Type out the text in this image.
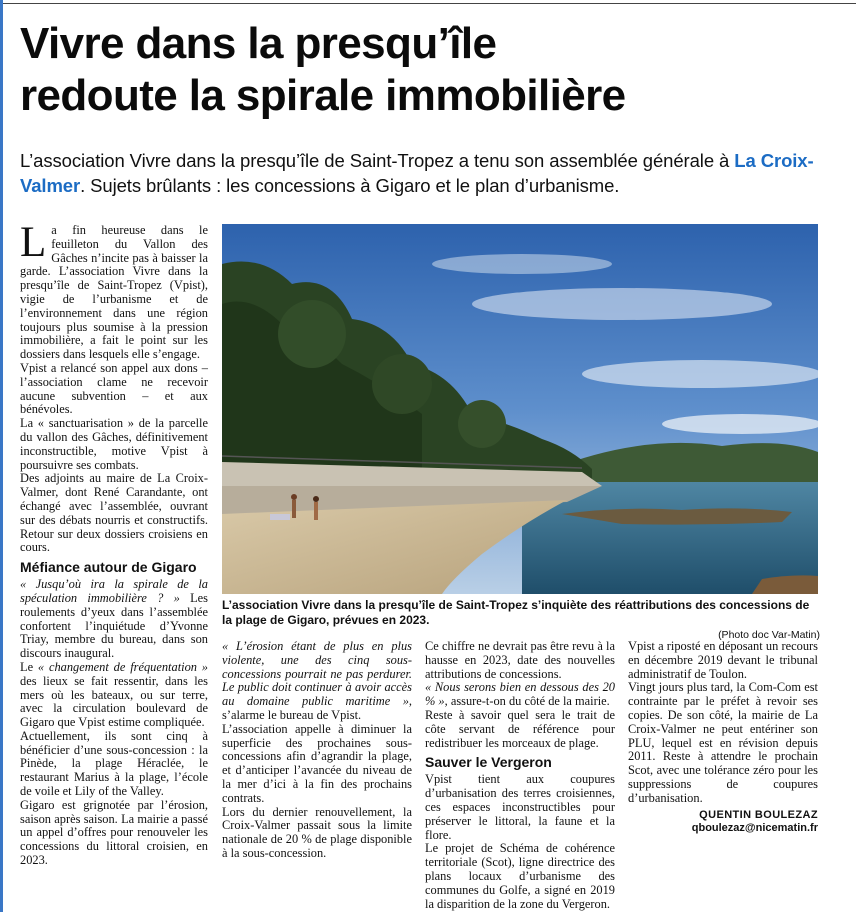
Vivre dans la presqu’île
redoute la spirale immobilière
L’association Vivre dans la presqu’île de Saint-Tropez a tenu son assemblée générale à La Croix-Valmer. Sujets brûlants : les concessions à Gigaro et le plan d’urbanisme.

La fin heureuse dans le feuilleton du Vallon des Gâches n’incite pas à baisser la garde. L’association Vivre dans la presqu’île de Saint-Tropez (Vpist), vigie de l’urbanisme et de l’environnement dans une région toujours plus soumise à la pression immobilière, a fait le point sur les dossiers dans lesquels elle s’engage.

Vpist a relancé son appel aux dons – l’association clame ne recevoir aucune subvention – et aux bénévoles.

La « sanctuarisation » de la parcelle du vallon des Gâches, définitivement inconstructible, motive Vpist à poursuivre ses combats.

Des adjoints au maire de La Croix-Valmer, dont René Carandante, ont échangé avec l’assemblée, ouvrant sur des débats nourris et constructifs. Retour sur deux dossiers croisiens en cours.

Méfiance autour de Gigaro

« Jusqu’où ira la spirale de la spéculation immobilière ? » Les roulements d’yeux dans l’assemblée confortent l’inquiétude d’Yvonne Triay, membre du bureau, dans son discours inaugural.

Le « changement de fréquentation » des lieux se fait ressentir, dans les mers où les bateaux, ou sur terre, avec la circulation boulevard de Gigaro que Vpist estime compliquée.

Actuellement, ils sont cinq à bénéficier d’une sous-concession : la Pinède, la plage Héraclée, le restaurant Marius à la plage, l’école de voile et Lily of the Valley.

Gigaro est grignotée par l’érosion, saison après saison. La mairie a passé un appel d’offres pour renouveler les concessions du littoral croisien, en 2023.

L’association Vivre dans la presqu’île de Saint-Tropez s’inquiète des réattributions des concessions de la plage de Gigaro, prévues en 2023.
(Photo doc Var-Matin)

« L’érosion étant de plus en plus violente, une des cinq sous-concessions pourrait ne pas perdurer. Le public doit continuer à avoir accès au domaine public maritime », s’alarme le bureau de Vpist.

L’association appelle à diminuer la superficie des prochaines sous-concessions afin d’agrandir la plage, et d’anticiper l’avancée du niveau de la mer d’ici à la fin des prochains contrats.

Lors du dernier renouvellement, la Croix-Valmer passait sous la limite nationale de 20 % de plage disponible à la sous-concession.

Ce chiffre ne devrait pas être revu à la hausse en 2023, date des nouvelles attributions de concessions.

« Nous serons bien en dessous des 20 % », assure-t-on du côté de la mairie.

Reste à savoir quel sera le trait de côte servant de référence pour redistribuer les morceaux de plage.

Sauver le Vergeron

Vpist tient aux coupures d’urbanisation des terres croisiennes, ces espaces inconstructibles pour préserver le littoral, la faune et la flore.

Le projet de Schéma de cohérence territoriale (Scot), ligne directrice des plans locaux d’urbanisme des communes du Golfe, a signé en 2019 la disparition de la zone du Vergeron.

Vpist a riposté en déposant un recours en décembre 2019 devant le tribunal administratif de Toulon.

Vingt jours plus tard, la Com-Com est contrainte par le préfet à revoir ses copies. De son côté, la mairie de La Croix-Valmer ne peut entériner son PLU, lequel est en révision depuis 2011. Reste à attendre le prochain Scot, avec une tolérance zéro pour les suppressions de coupures d’urbanisation.

QUENTIN BOULEZAZ
qboulezaz@nicematin.fr
